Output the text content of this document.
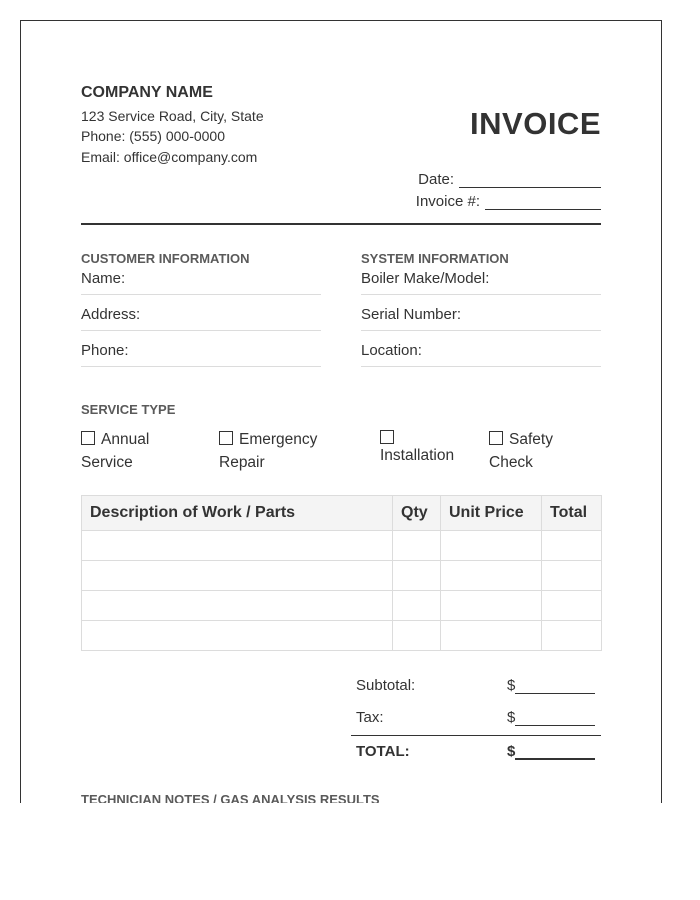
COMPANY NAME
123 Service Road, City, State
Phone: (555) 000-0000
Email: office@company.com
INVOICE
Date:
Invoice #:
CUSTOMER INFORMATION
Name:
Address:
Phone:
SYSTEM INFORMATION
Boiler Make/Model:
Serial Number:
Location:
SERVICE TYPE
Annual
Service
Emergency
Repair	Installation
Safety
Check
Description of Work / Parts	Qty	Unit Price	Total

Subtotal:	$
Tax:	$
TOTAL:	$
TECHNICIAN NOTES / GAS ANALYSIS RESULTS
